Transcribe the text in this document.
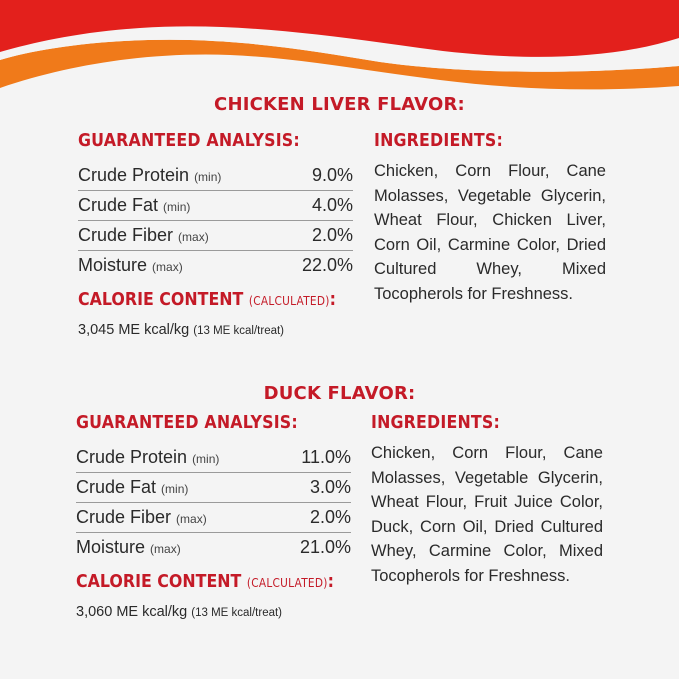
CHICKEN LIVER FLAVOR:
GUARANTEED ANALYSIS:
Crude Protein (min)	9.0%
Crude Fat (min)	4.0%
Crude Fiber (max)	2.0%
Moisture (max)	22.0%
CALORIE CONTENT (CALCULATED):
3,045 ME kcal/kg (13 ME kcal/treat)
INGREDIENTS:
Chicken, Corn Flour, Cane Molasses, Vegetable Glycerin, Wheat Flour, Chicken Liver, Corn Oil, Carmine Color, Dried Cultured Whey, Mixed Tocopherols for Freshness.
DUCK FLAVOR:
GUARANTEED ANALYSIS:
Crude Protein (min)	11.0%
Crude Fat (min)	3.0%
Crude Fiber (max)	2.0%
Moisture (max)	21.0%
CALORIE CONTENT (CALCULATED):
3,060 ME kcal/kg (13 ME kcal/treat)
INGREDIENTS:
Chicken, Corn Flour, Cane Molasses, Vegetable Glycerin, Wheat Flour, Fruit Juice Color, Duck, Corn Oil, Dried Cultured Whey, Carmine Color, Mixed Tocopherols for Freshness.
